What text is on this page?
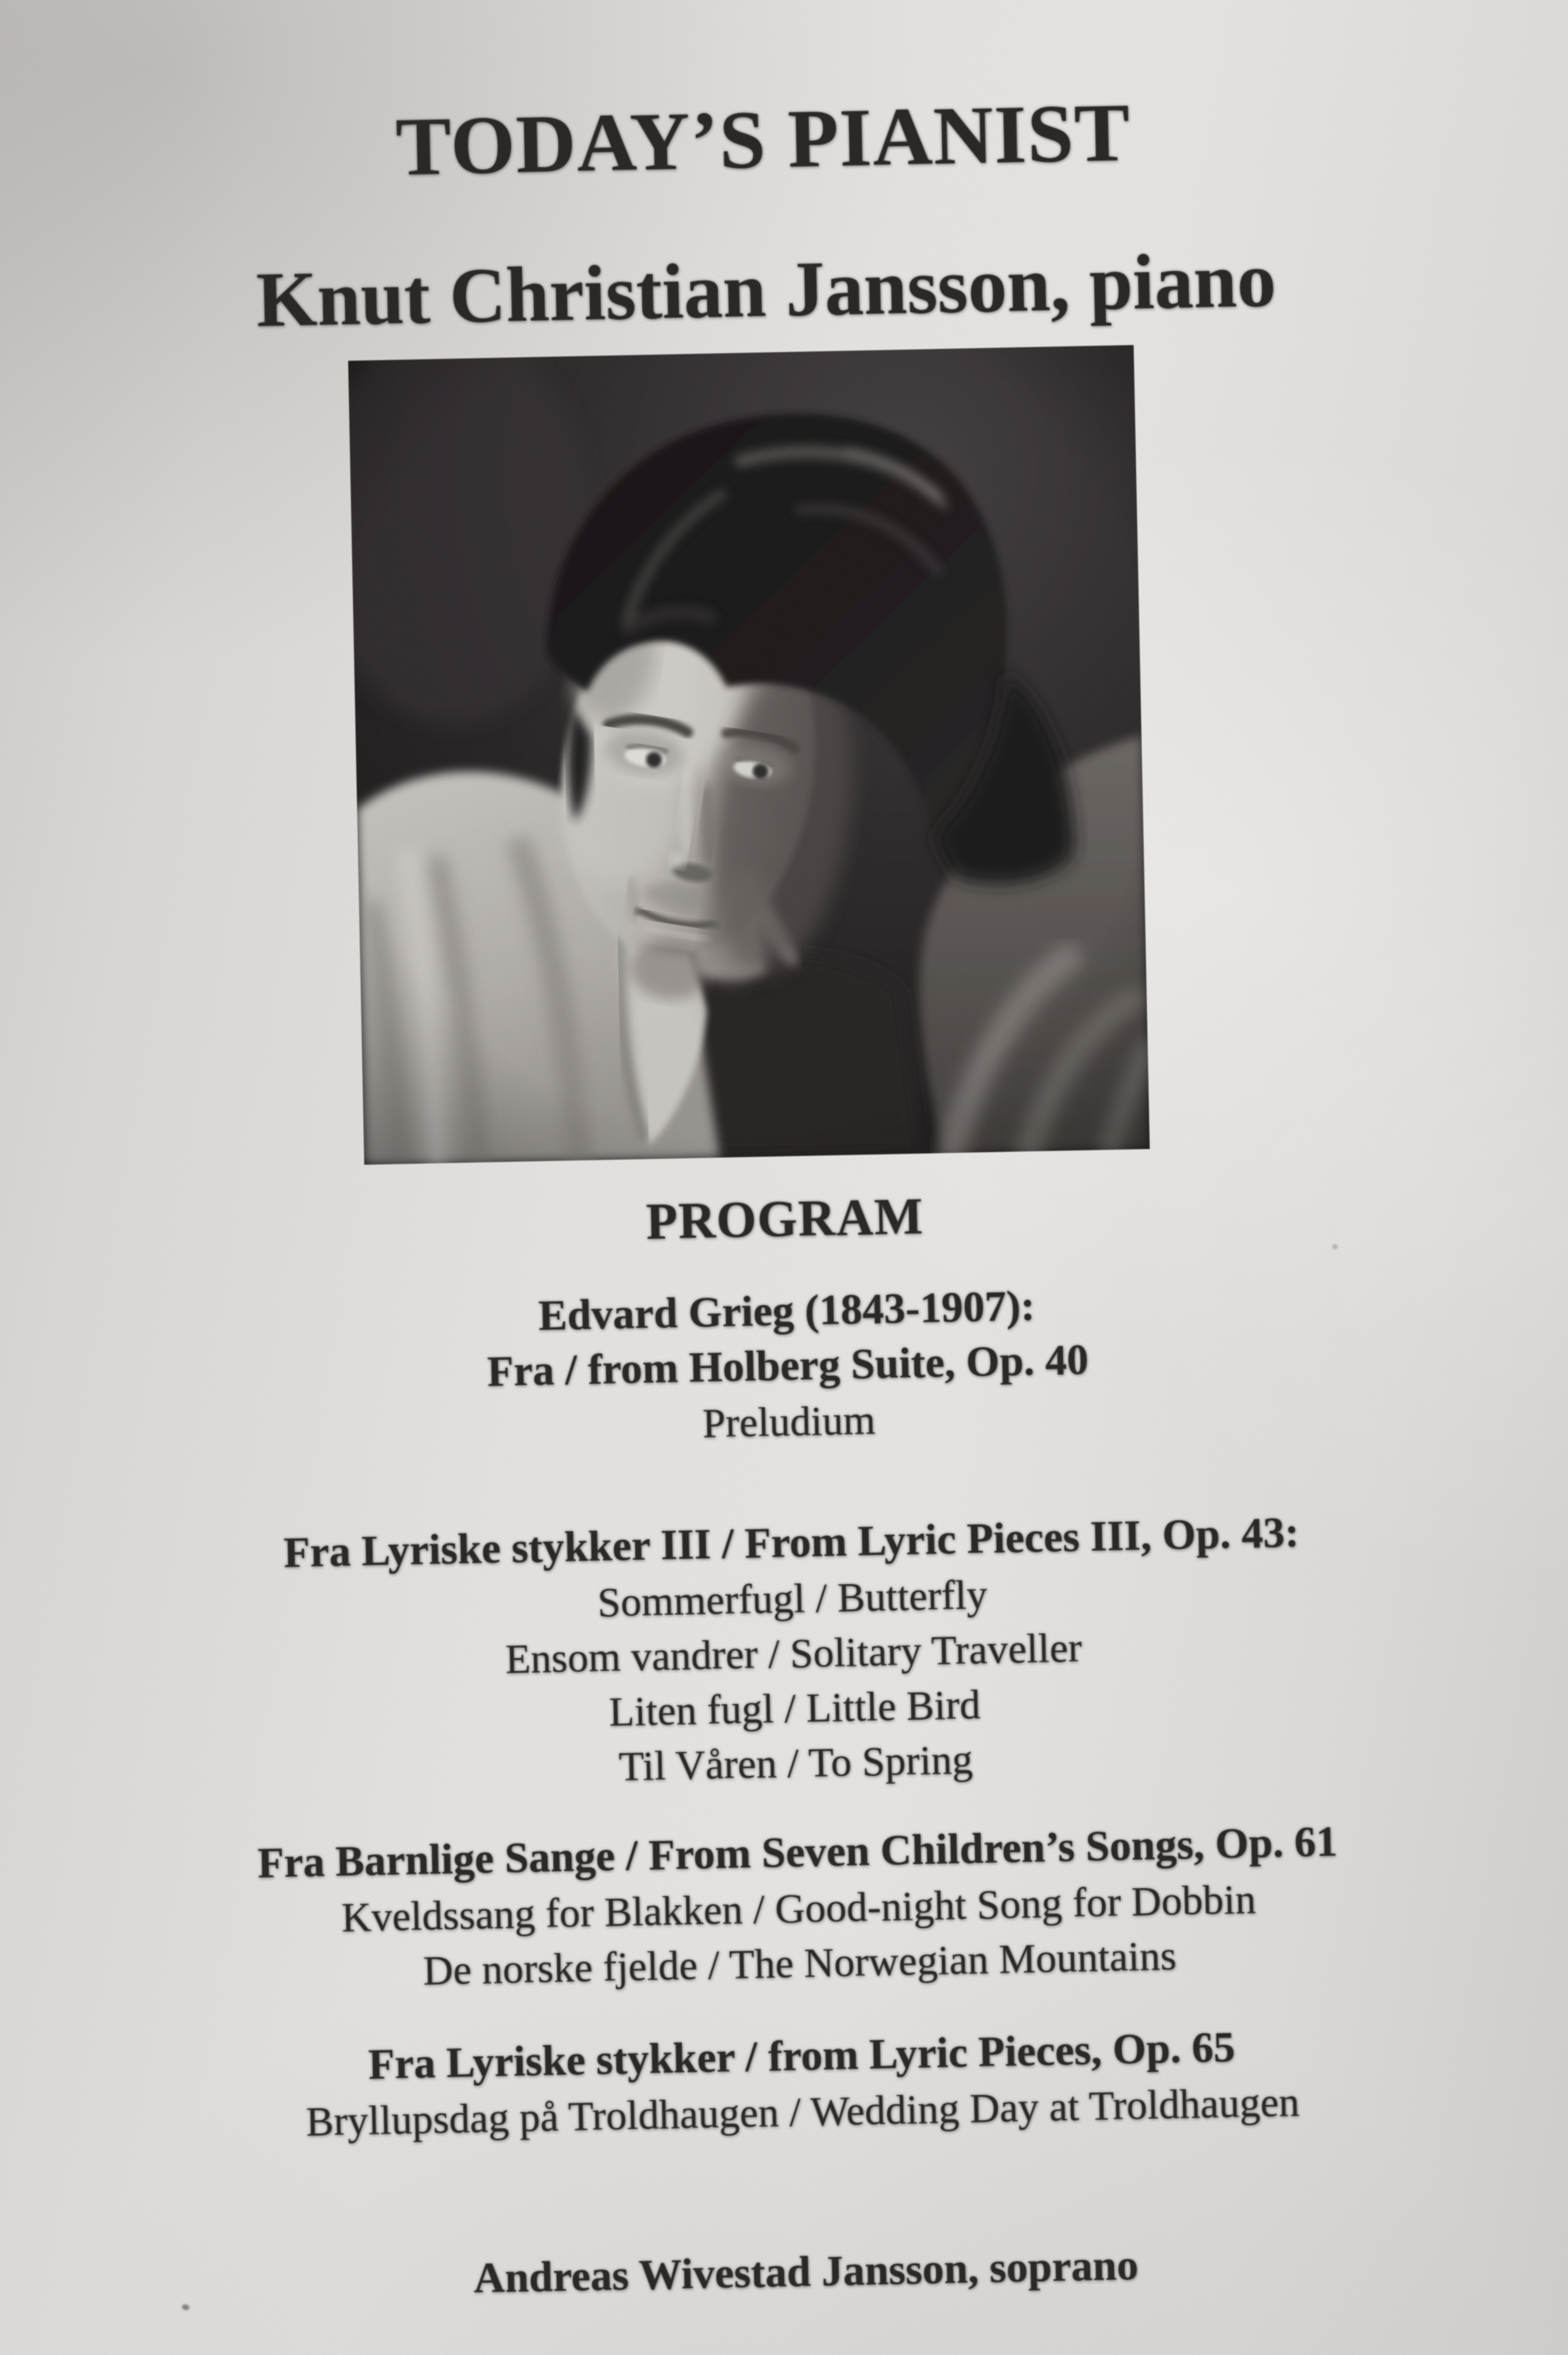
TODAY’S PIANIST
Knut Christian Jansson, piano
PROGRAM
Edvard Grieg (1843-1907):
Fra / from Holberg Suite, Op. 40
Preludium
Fra Lyriske stykker III / From Lyric Pieces III, Op. 43:
Sommerfugl / Butterfly
Ensom vandrer / Solitary Traveller
Liten fugl / Little Bird
Til Våren / To Spring
Fra Barnlige Sange / From Seven Children’s Songs, Op. 61
Kveldssang for Blakken / Good-night Song for Dobbin
De norske fjelde / The Norwegian Mountains
Fra Lyriske stykker / from Lyric Pieces, Op. 65
Bryllupsdag på Troldhaugen / Wedding Day at Troldhaugen
Andreas Wivestad Jansson, soprano
